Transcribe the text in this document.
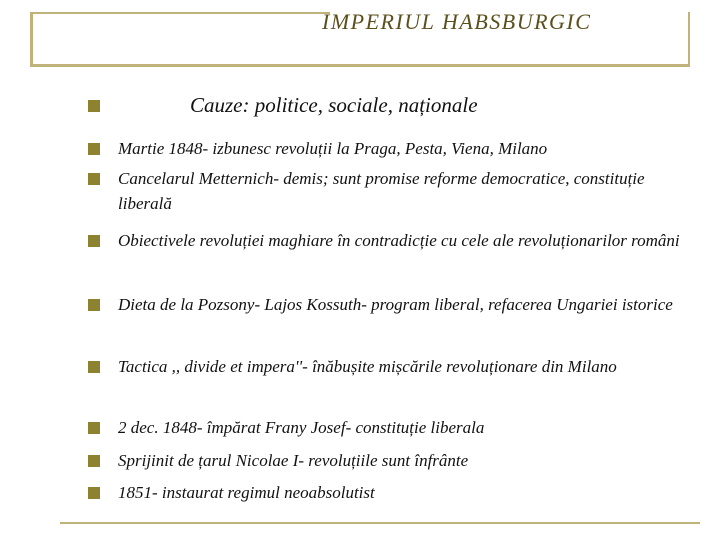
IMPERIUL HABSBURGIC
Cauze: politice, sociale, naționale
Martie 1848- izbunesc revoluții la Praga, Pesta, Viena, Milano
Cancelarul Metternich- demis; sunt promise reforme democratice, constituție liberală
Obiectivele revoluției maghiare în contradicție cu cele ale revoluționarilor români
Dieta de la Pozsony- Lajos Kossuth- program liberal, refacerea Ungariei istorice
Tactica ,, divide et impera''- înăbușite mișcările revoluționare din Milano
2 dec. 1848- împărat Frany Josef- constituție liberala
Sprijinit de țarul Nicolae I- revoluțiile sunt înfrânte
1851- instaurat regimul neoabsolutist
